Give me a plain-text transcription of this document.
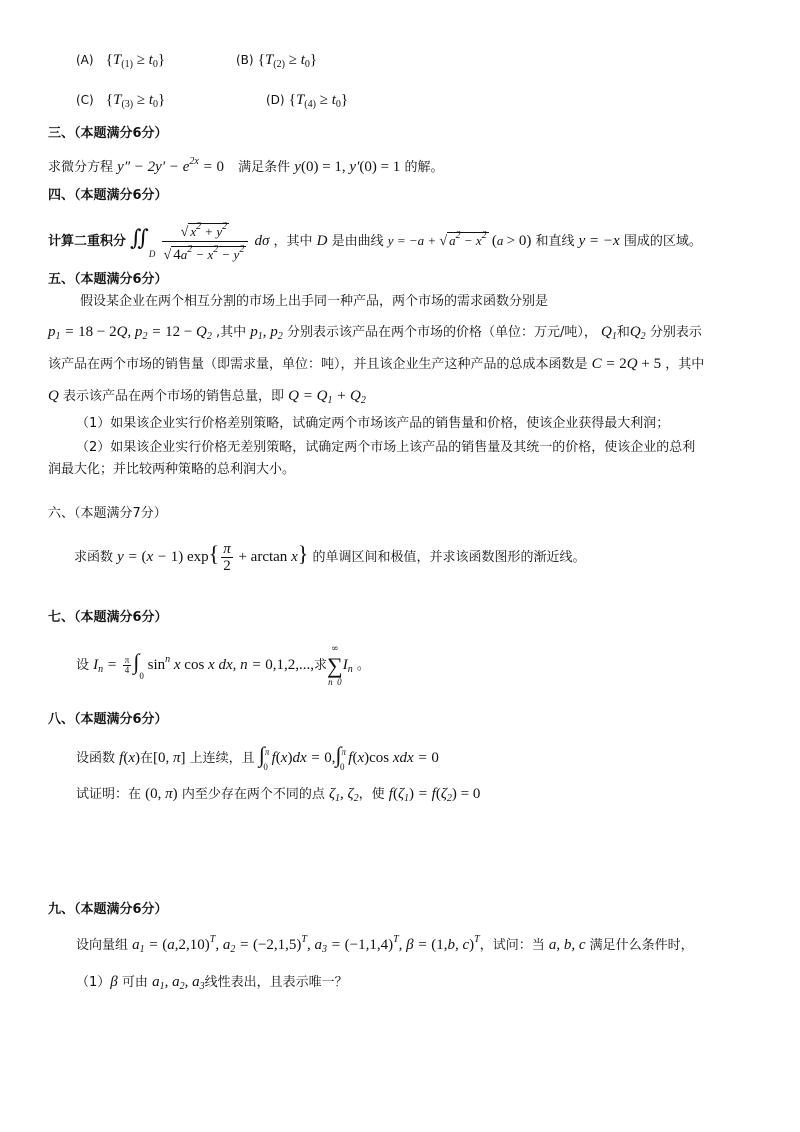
(A) $\{T_{(1)} \ge t_0\}$	(B) $\{T_{(2)} \ge t_0\}$
(C) $\{T_{(3)} \ge t_0\}$	(D) $\{T_{(4)} \ge t_0\}$
三、（本题满分6分）
求微分方程 $y'' - 2y' - e^{2x} = 0$ 满足条件 y(0) = 1, y′(0) = 1 的解。
四、（本题满分6分）
计算二重积分 $∬_D \frac{√ x^2 + y^2}{√ 4a^2 - x^2 - y^2}$ dσ ，其中 D 是由曲线 y = −a + √ $a^2 - x^2$ (a > 0) 和直线 y = −x 围成的区域。
五、（本题满分6分）
假设某企业在两个相互分割的市场上出手同一种产品，两个市场的需求函数分别是
$p_1 = 18 - 2Q$, $p_2 = 12 - Q_2$ ,其中 $p_1$, $p_2$ 分别表示该产品在两个市场的价格（单位：万元/吨）， $Q_1$和$Q_2$ 分别表示
该产品在两个市场的销售量（即需求量，单位：吨），并且该企业生产这种产品的总成本函数是 C = 2Q + 5 ，其中
Q 表示该产品在两个市场的销售总量，即 $Q = Q_1 + Q_2$
（1）如果该企业实行价格差别策略，试确定两个市场该产品的销售量和价格，使该企业获得最大利润；
（2）如果该企业实行价格无差别策略，试确定两个市场上该产品的销售量及其统一的价格，使该企业的总利
润最大化；并比较两种策略的总利润大小。
六、（本题满分7分）
求函数 y = (x − 1) $\exp\{ \frac{\pi}{2} + \arctan x\}$ 的单调区间和极值，并求该函数图形的渐近线。
七、（本题满分6分）
设 $I_n = \pi$
4 $\int_0$ $\sin^n x$ cos x dx, n = 0,1,2,...,求
∞
∑
n  0
$I_n$ 。
八、（本题满分6分）
设函数 f(x)在[0, π] 上连续，且 ∫$^\pi_0$ f(x)dx = 0,∫$^\pi_0$ f(x)cos xdx = 0
试证明：在 (0, π) 内至少存在两个不同的点 $\zeta_1$, $\zeta_2$，使 $f(\zeta_1) = f(\zeta_2) = 0$
九、（本题满分6分）
设向量组 $a_1 = (a,2,10)^T$, $a_2 = (-2,1,5)^T$, $a_3 = (-1,1,4)^T$, β = (1,b, c)$^T$，试问：当 a, b, c 满足什么条件时，
（1）β 可由 $a_1$, $a_2$, $a_3$线性表出，且表示唯一？
